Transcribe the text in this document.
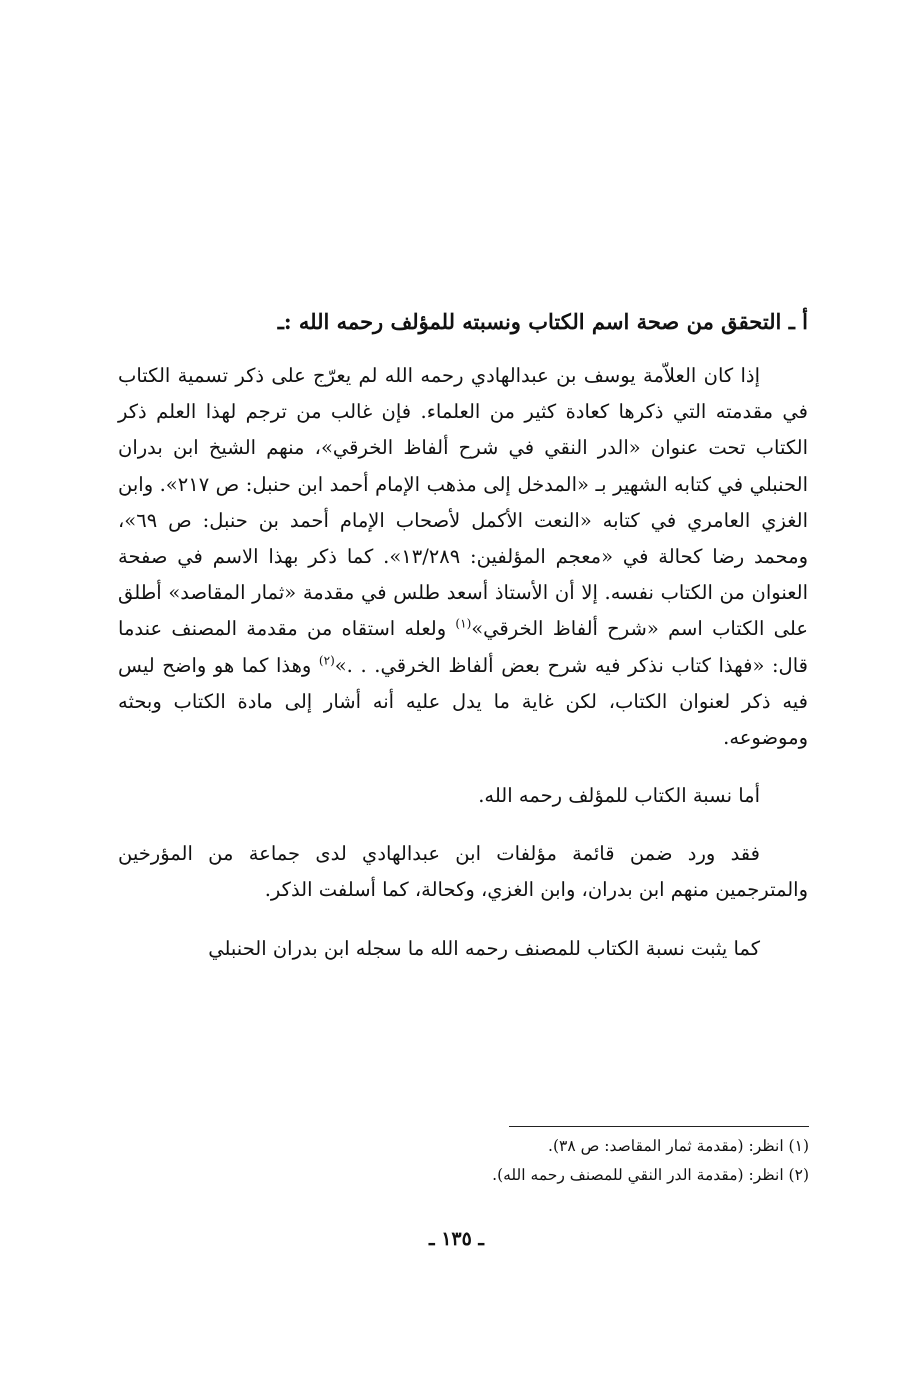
أ ـ التحقق من صحة اسم الكتاب ونسبته للمؤلف رحمه الله :ـ

إذا كان العلاّمة يوسف بن عبدالهادي رحمه الله لم يعرّج على ذكر تسمية الكتاب في مقدمته التي ذكرها كعادة كثير من العلماء. فإن غالب من ترجم لهذا العلم ذكر الكتاب تحت عنوان «الدر النقي في شرح ألفاظ الخرقي»، منهم الشيخ ابن بدران الحنبلي في كتابه الشهير بـ «المدخل إلى مذهب الإمام أحمد ابن حنبل: ص ٢١٧». وابن الغزي العامري في كتابه «النعت الأكمل لأصحاب الإمام أحمد بن حنبل: ص ٦٩»، ومحمد رضا كحالة في «معجم المؤلفين: ١٣/٢٨٩». كما ذكر بهذا الاسم في صفحة العنوان من الكتاب نفسه. إلا أن الأستاذ أسعد طلس في مقدمة «ثمار المقاصد» أطلق على الكتاب اسم «شرح ألفاظ الخرقي»$^{(١)}$ ولعله استقاه من مقدمة المصنف عندما قال: «فهذا كتاب نذكر فيه شرح بعض ألفاظ الخرقي. . .»$^{(٢)}$ وهذا كما هو واضح ليس فيه ذكر لعنوان الكتاب، لكن غاية ما يدل عليه أنه أشار إلى مادة الكتاب وبحثه وموضوعه.

أما نسبة الكتاب للمؤلف رحمه الله.

فقد ورد ضمن قائمة مؤلفات ابن عبدالهادي لدى جماعة من المؤرخين والمترجمين منهم ابن بدران، وابن الغزي، وكحالة، كما أسلفت الذكر.

كما يثبت نسبة الكتاب للمصنف رحمه الله ما سجله ابن بدران الحنبلي

(١) انظر: (مقدمة ثمار المقاصد: ص ٣٨).

(٢) انظر: (مقدمة الدر النقي للمصنف رحمه الله).

ـ ١٣٥ ـ
